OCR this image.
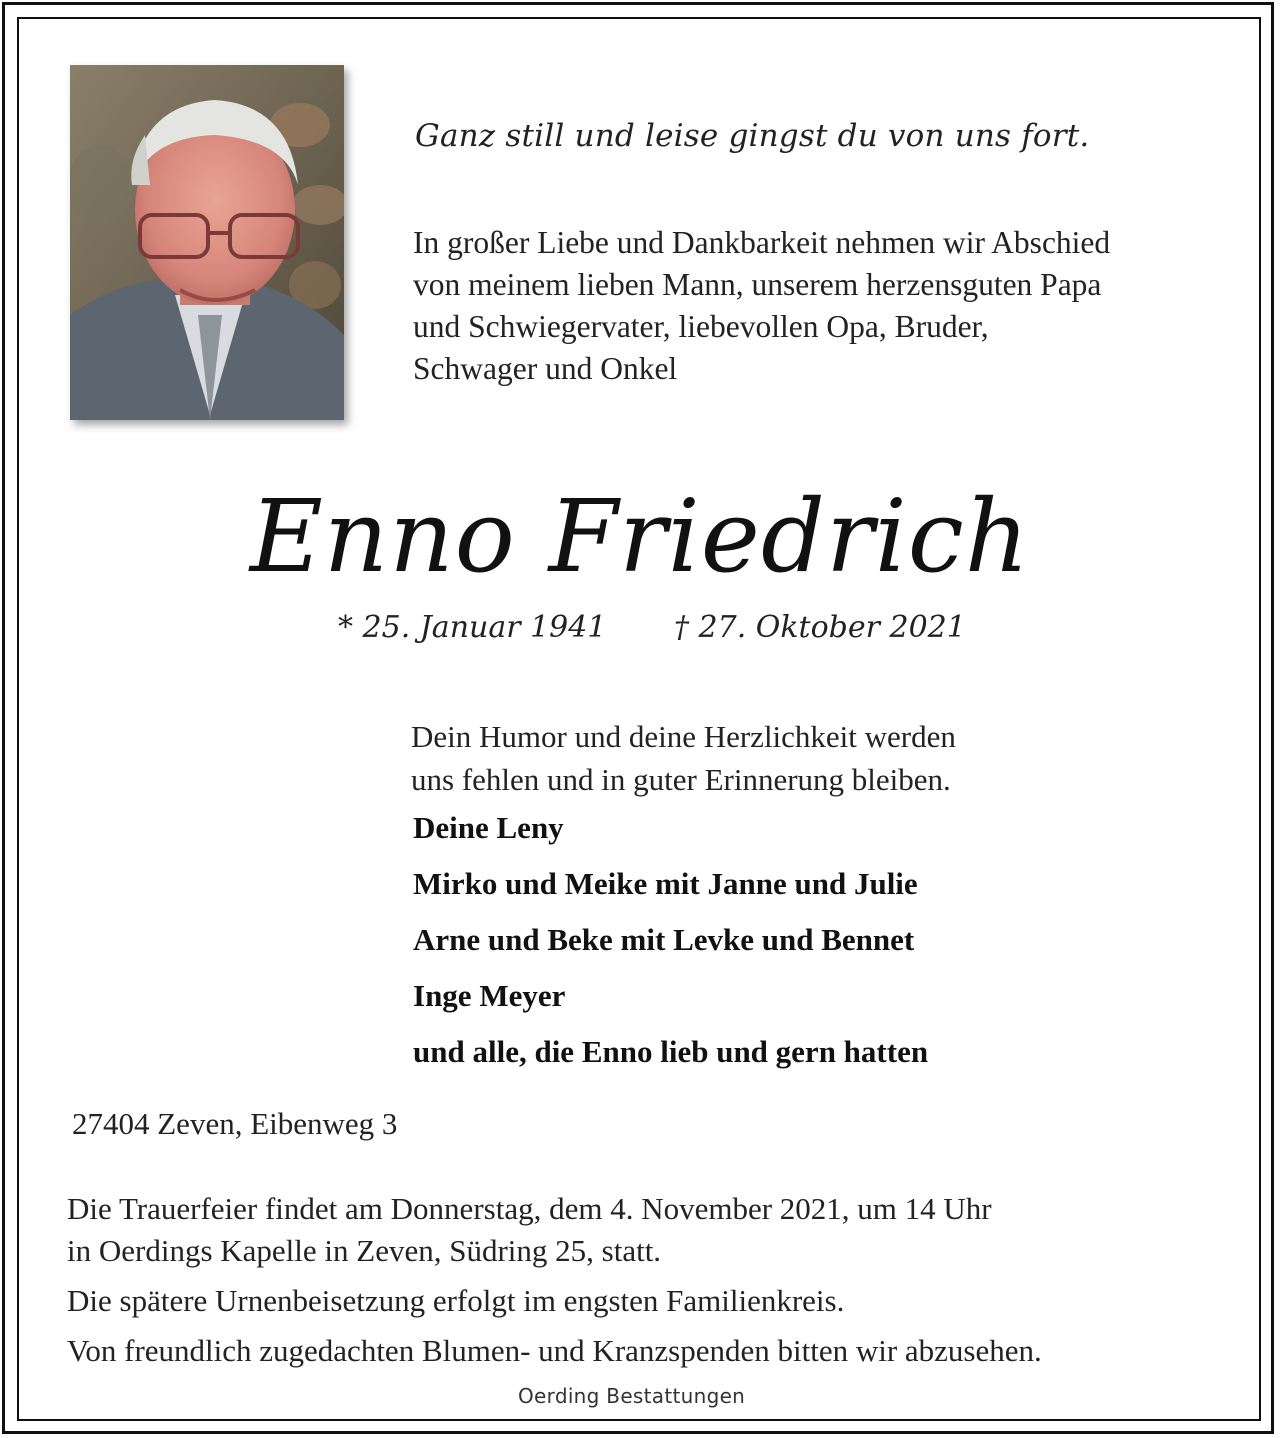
Ganz still und leise gingst du von uns fort.
In großer Liebe und Dankbarkeit nehmen wir Abschied
von meinem lieben Mann, unserem herzensguten Papa
und Schwiegervater, liebevollen Opa, Bruder,
Schwager und Onkel
Enno Friedrich
* 25. Januar 1941 † 27. Oktober 2021
Dein Humor und deine Herzlichkeit werden
uns fehlen und in guter Erinnerung bleiben.
Deine Leny
Mirko und Meike mit Janne und Julie
Arne und Beke mit Levke und Bennet
Inge Meyer
und alle, die Enno lieb und gern hatten
27404 Zeven, Eibenweg 3
Die Trauerfeier findet am Donnerstag, dem 4. November 2021, um 14 Uhr
in Oerdings Kapelle in Zeven, Südring 25, statt.
Die spätere Urnenbeisetzung erfolgt im engsten Familienkreis.
Von freundlich zugedachten Blumen- und Kranzspenden bitten wir abzusehen.
Oerding Bestattungen
